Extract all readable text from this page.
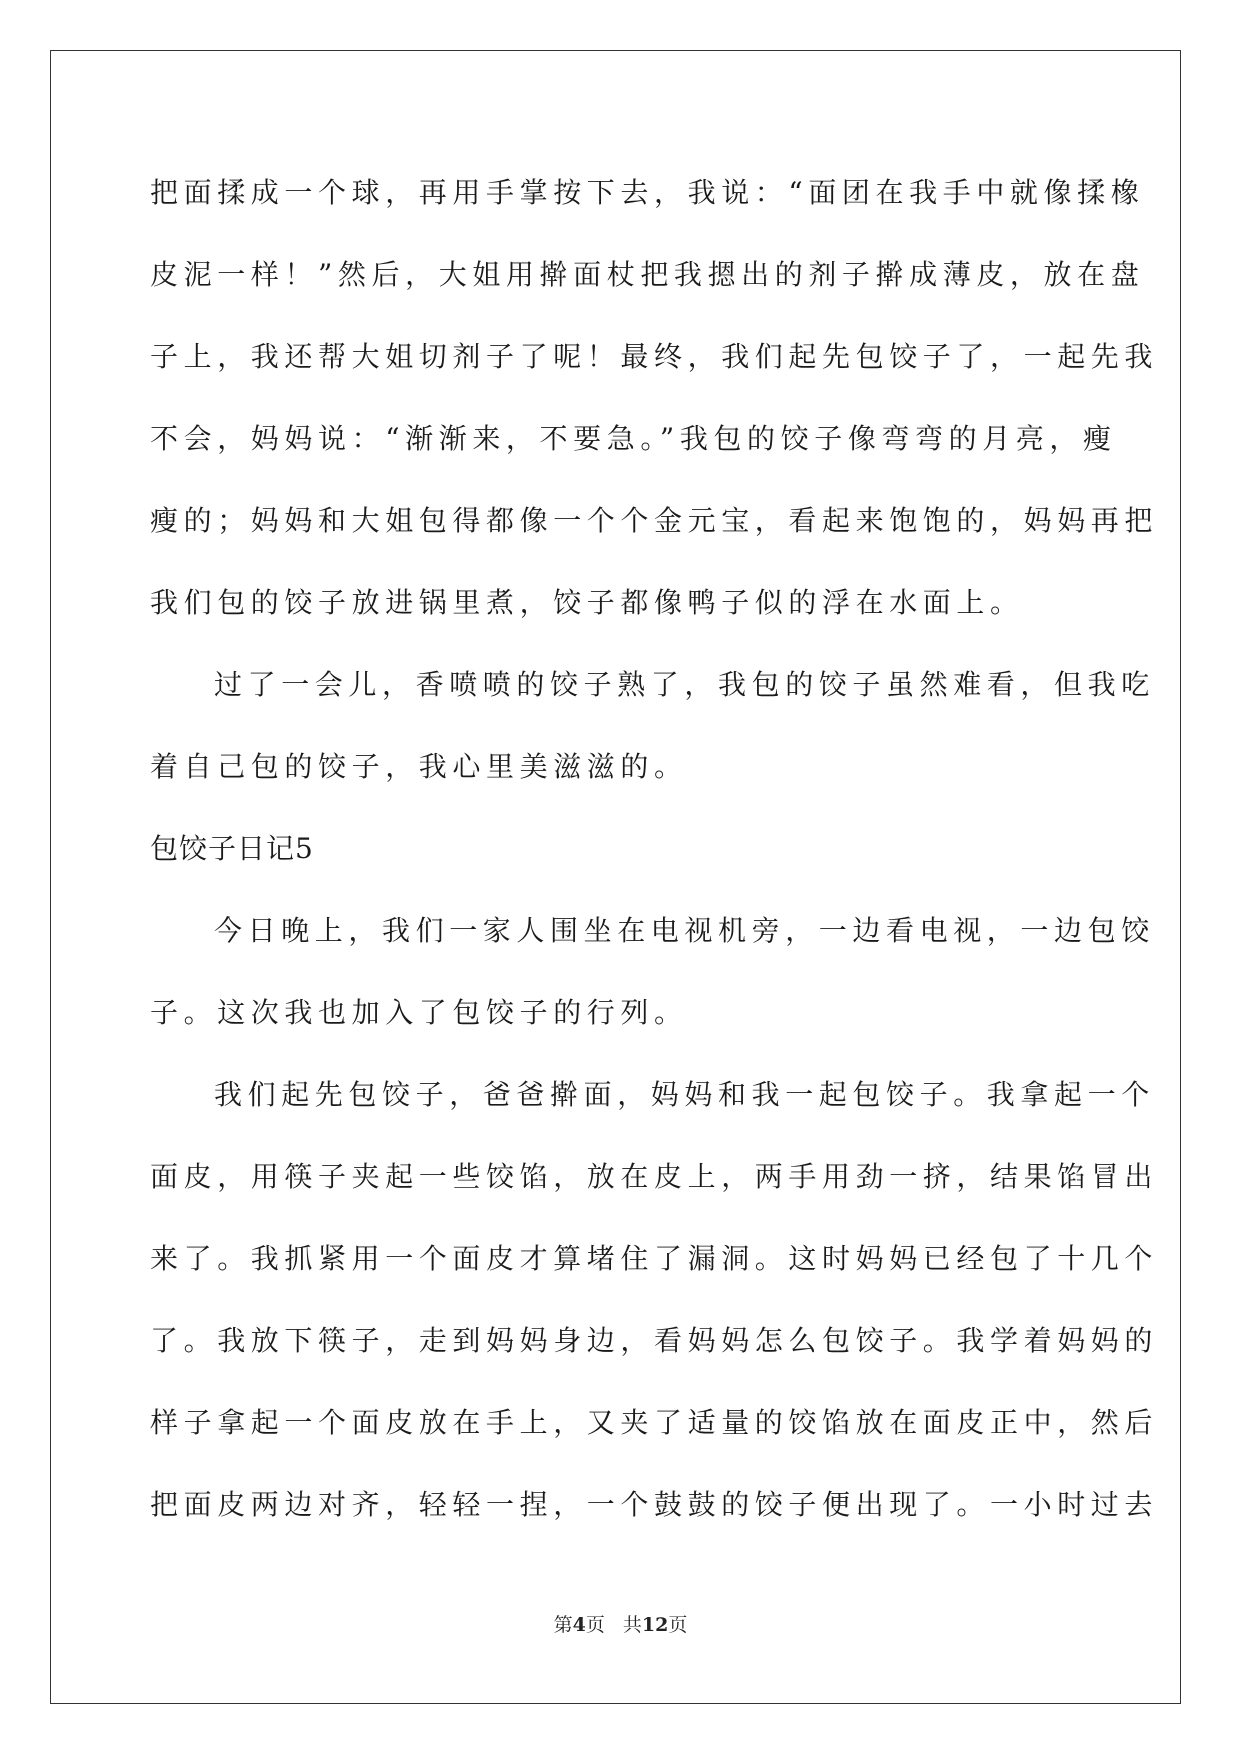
把面揉成一个球，再用手掌按下去，我说：“面团在我手中就像揉橡
皮泥一样！”然后，大姐用擀面杖把我摁出的剂子擀成薄皮，放在盘
子上，我还帮大姐切剂子了呢！最终，我们起先包饺子了，一起先我
不会，妈妈说：“渐渐来，不要急。”我包的饺子像弯弯的月亮，瘦
瘦的；妈妈和大姐包得都像一个个金元宝，看起来饱饱的，妈妈再把
我们包的饺子放进锅里煮，饺子都像鸭子似的浮在水面上。
过了一会儿，香喷喷的饺子熟了，我包的饺子虽然难看，但我吃
着自己包的饺子，我心里美滋滋的。
包饺子日记5
今日晚上，我们一家人围坐在电视机旁，一边看电视，一边包饺
子。这次我也加入了包饺子的行列。
我们起先包饺子，爸爸擀面，妈妈和我一起包饺子。我拿起一个
面皮，用筷子夹起一些饺馅，放在皮上，两手用劲一挤，结果馅冒出
来了。我抓紧用一个面皮才算堵住了漏洞。这时妈妈已经包了十几个
了。我放下筷子，走到妈妈身边，看妈妈怎么包饺子。我学着妈妈的
样子拿起一个面皮放在手上，又夹了适量的饺馅放在面皮正中，然后
把面皮两边对齐，轻轻一捏，一个鼓鼓的饺子便出现了。一小时过去
第4页 共12页
